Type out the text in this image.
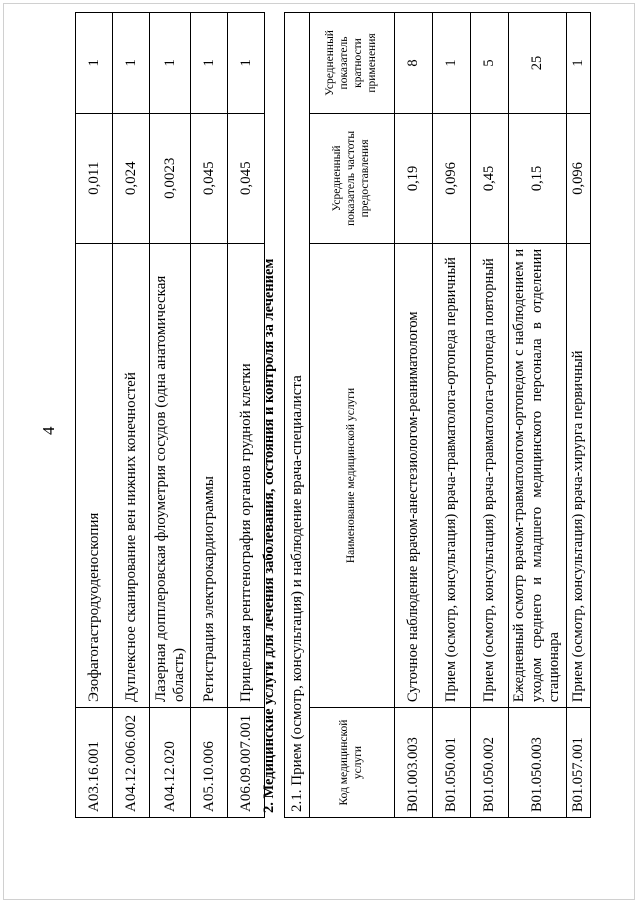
4
A03.16.001	Эзофагогастродуоденоскопия	0,011	1
A04.12.006.002	Дуплексное сканирование вен нижних конечностей	0,024	1
A04.12.020	Лазерная допплеровская флоуметрия сосудов (одна анатомическая область)	0,0023	1
A05.10.006	Регистрация электрокардиограммы	0,045	1
A06.09.007.001	Прицельная рентгенография органов грудной клетки	0,045	1
2. Медицинские услуги для лечения заболевания, состояния и контроля за лечением 2.1. Прием (осмотр, консультация) и наблюдение врача-специалиста			
Код медицинской услуги	Наименование медицинской услуги	Усредненный показатель частоты предоставления	Усредненный показатель кратности применения
B01.003.003	Суточное наблюдение врачом-анестезиологом-реаниматологом	0,19	8
B01.050.001	Прием (осмотр, консультация) врача-травматолога-ортопеда первичный	0,096	1
B01.050.002	Прием (осмотр, консультация) врача-травматолога-ортопеда повторный	0,45	5
B01.050.003	Ежедневный осмотр врачом-травматологом-ортопедом с наблюдением и уходом среднего и младшего медицинского персонала в отделении стационара	0,15	25
B01.057.001	Прием (осмотр, консультация) врача-хирурга первичный	0,096	1
